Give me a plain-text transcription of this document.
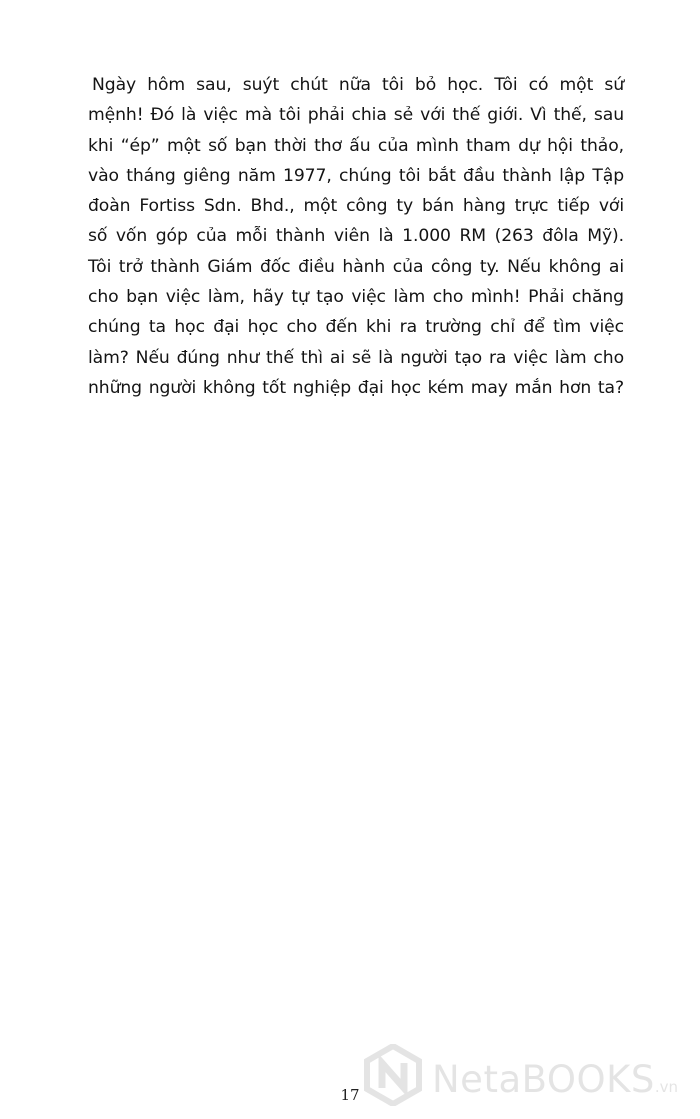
Ngày hôm sau, suýt chút nữa tôi bỏ học. Tôi có một sứ
mệnh! Đó là việc mà tôi phải chia sẻ với thế giới. Vì thế, sau
khi “ép” một số bạn thời thơ ấu của mình tham dự hội thảo,
vào tháng giêng năm 1977, chúng tôi bắt đầu thành lập Tập
đoàn Fortiss Sdn. Bhd., một công ty bán hàng trực tiếp với
số vốn góp của mỗi thành viên là 1.000 RM (263 đôla Mỹ).
Tôi trở thành Giám đốc điều hành của công ty. Nếu không ai
cho bạn việc làm, hãy tự tạo việc làm cho mình! Phải chăng
chúng ta học đại học cho đến khi ra trường chỉ để tìm việc
làm? Nếu đúng như thế thì ai sẽ là người tạo ra việc làm cho
những người không tốt nghiệp đại học kém may mắn hơn ta?
NetaBOOKS.vn
17
